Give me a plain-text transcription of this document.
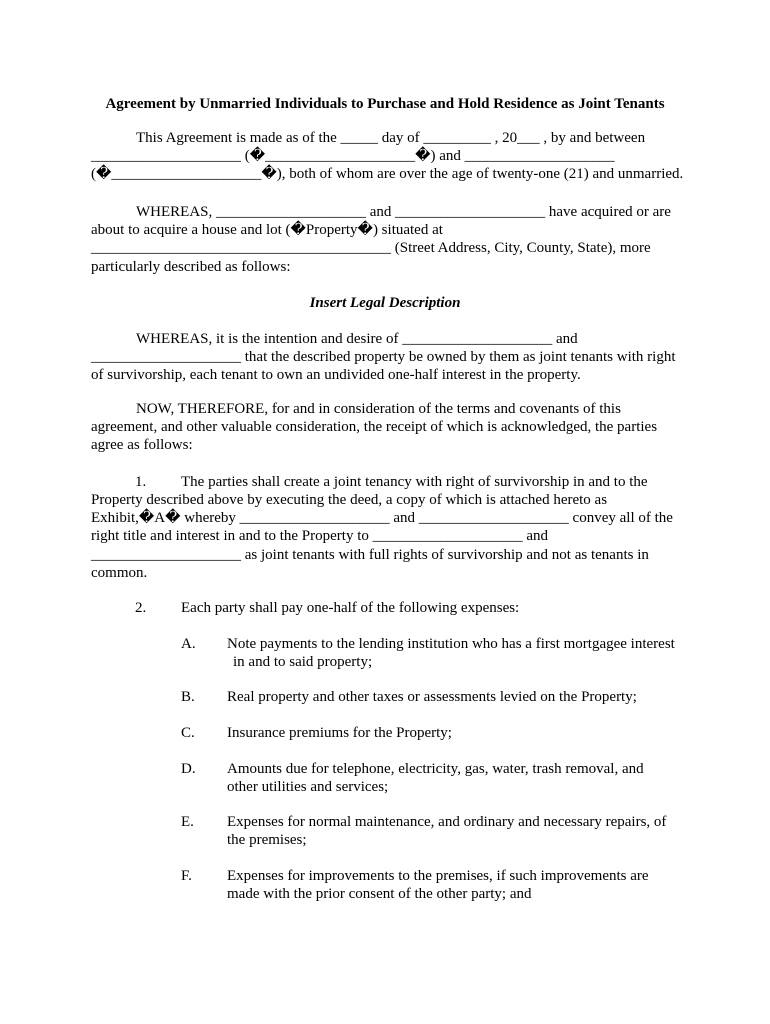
Agreement by Unmarried Individuals to Purchase and Hold Residence as Joint Tenants
This Agreement is made as of the _____ day of _________ , 20___ , by and between
____________________ (�____________________�) and ____________________
(�____________________�), both of whom are over the age of twenty-one (21) and unmarried.
WHEREAS, ____________________ and ____________________ have acquired or are
about to acquire a house and lot (�Property�) situated at
________________________________________ (Street Address, City, County, State), more
particularly described as follows:
Insert Legal Description
WHEREAS, it is the intention and desire of ____________________ and
____________________ that the described property be owned by them as joint tenants with right
of survivorship, each tenant to own an undivided one-half interest in the property.
NOW, THEREFORE, for and in consideration of the terms and covenants of this
agreement, and other valuable consideration, the receipt of which is acknowledged, the parties
agree as follows:
1. The parties shall create a joint tenancy with right of survivorship in and to the
Property described above by executing the deed, a copy of which is attached hereto as
Exhibit,�A� whereby ____________________ and ____________________ convey all of the
right title and interest in and to the Property to ____________________ and
____________________ as joint tenants with full rights of survivorship and not as tenants in
common.
2. Each party shall pay one-half of the following expenses:
A. Note payments to the lending institution who has a first mortgagee interest
in and to said property;
B. Real property and other taxes or assessments levied on the Property;
C. Insurance premiums for the Property;
D. Amounts due for telephone, electricity, gas, water, trash removal, and
other utilities and services;
E. Expenses for normal maintenance, and ordinary and necessary repairs, of
the premises;
F. Expenses for improvements to the premises, if such improvements are
made with the prior consent of the other party; and
